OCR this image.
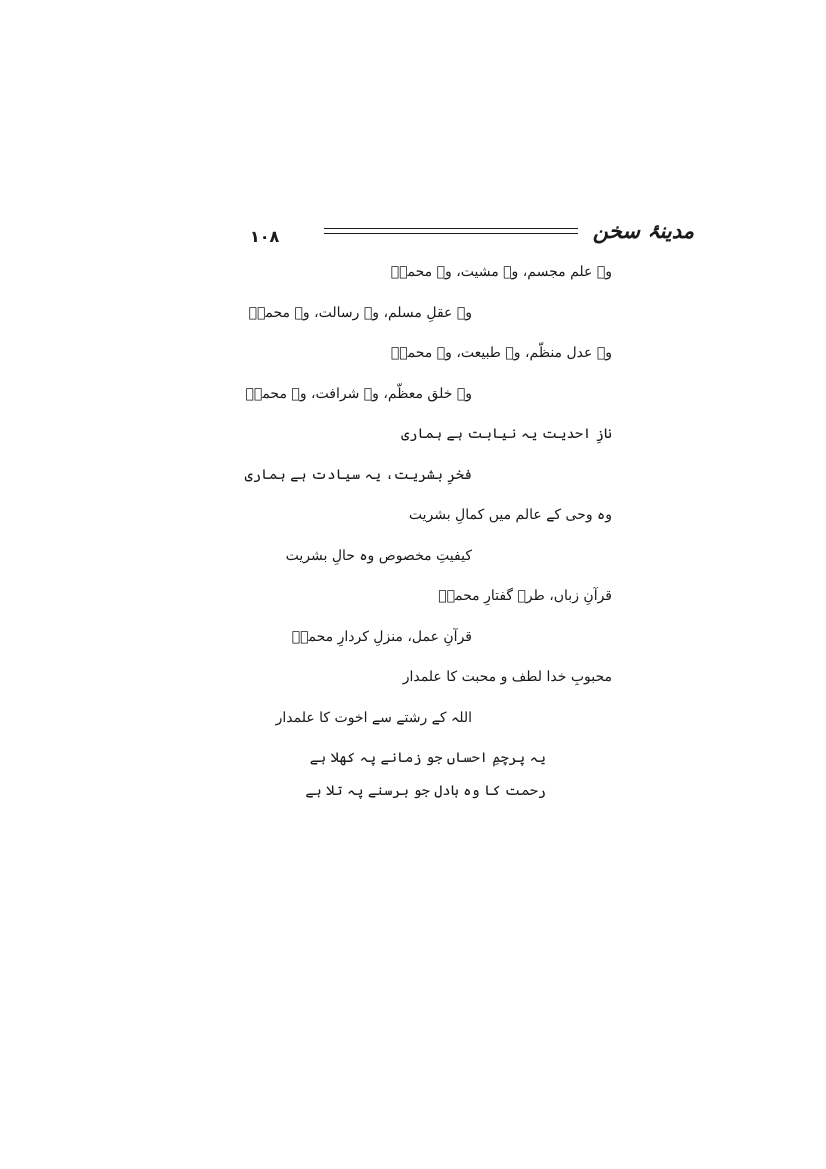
مدینۂ سخن
۱۰۸
وہ علم مجسم، وہ مشیت، وہ محمدؐ
وہ عقلِ مسلم، وہ رسالت، وہ محمدؐ
وہ عدل منظّم، وہ طبیعت، وہ محمدؐ
وہ خلق معظّم، وہ شرافت، وہ محمدؐ
نازِ احدیت یہ نیابت ہے ہماری
فخرِ بشریت، یہ سیادت ہے ہماری
وہ وحی کے عالم میں کمالِ بشریت
کیفیتِ مخصوص وہ حالِ بشریت
قرآنِ زباں، طرۂ گفتارِ محمدؐ
قرآنِ عمل، منزلِ کردارِ محمدؐ
محبوبِ خدا لطف و محبت کا علمدار
اللہ کے رشتے سے اخوت کا علمدار
یہ پرچمِ احساں جو زمانے پہ کھلا ہے
رحمت کا وہ بادل جو برسنے پہ تلا ہے
